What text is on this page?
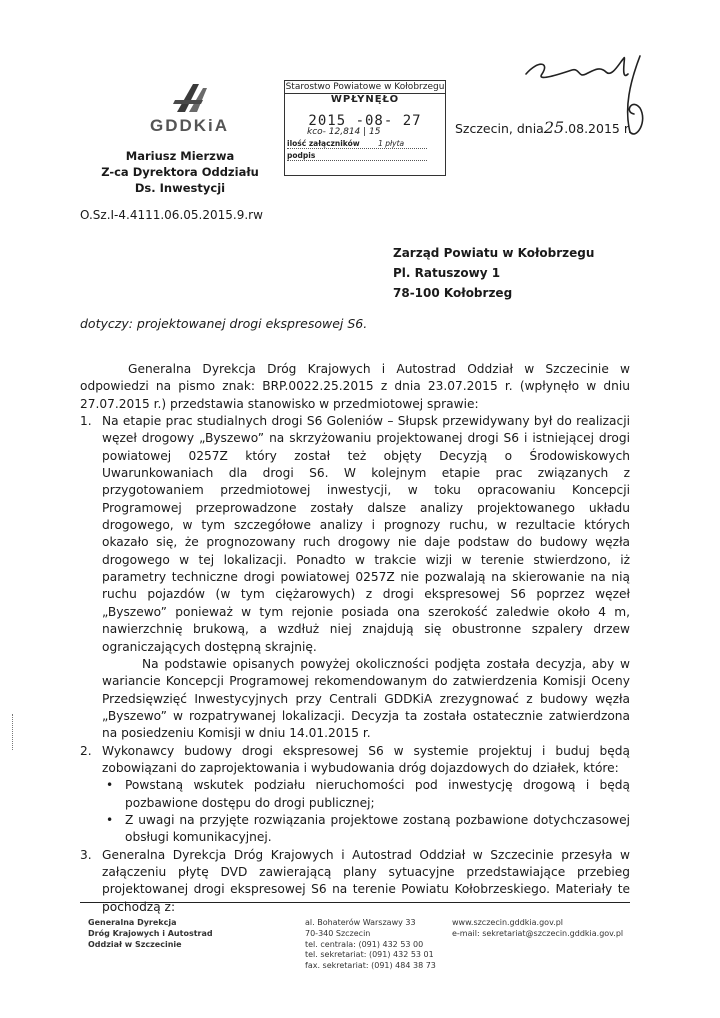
GDDKiA
Mariusz Mierzwa
Z-ca Dyrektora Oddziału
Ds. Inwestycji
Starostwo Powiatowe w Kołobrzegu
WPŁYNĘŁO
2015 -08- 27
kco- 12,814 | 15
ilość załączników 1 płyta
podpis
Szczecin, dnia25.08.2015 r.
O.Sz.I-4.4111.06.05.2015.9.rw
Zarząd Powiatu w Kołobrzegu
Pl. Ratuszowy 1
78-100 Kołobrzeg
dotyczy: projektowanej drogi ekspresowej S6.

Generalna Dyrekcja Dróg Krajowych i Autostrad Oddział w Szczecinie w odpowiedzi na pismo znak: BRP.0022.25.2015 z dnia 23.07.2015 r. (wpłynęło w dniu 27.07.2015 r.) przedstawia stanowisko w przedmiotowej sprawie:

1. Na etapie prac studialnych drogi S6 Goleniów – Słupsk przewidywany był do realizacji węzeł drogowy „Byszewo” na skrzyżowaniu projektowanej drogi S6 i istniejącej drogi powiatowej 0257Z który został też objęty Decyzją o Środowiskowych Uwarunkowaniach dla drogi S6. W kolejnym etapie prac związanych z przygotowaniem przedmiotowej inwestycji, w toku opracowaniu Koncepcji Programowej przeprowadzone zostały dalsze analizy projektowanego układu drogowego, w tym szczegółowe analizy i prognozy ruchu, w rezultacie których okazało się, że prognozowany ruch drogowy nie daje podstaw do budowy węzła drogowego w tej lokalizacji. Ponadto w trakcie wizji w terenie stwierdzono, iż parametry techniczne drogi powiatowej 0257Z nie pozwalają na skierowanie na nią ruchu pojazdów (w tym ciężarowych) z drogi ekspresowej S6 poprzez węzeł „Byszewo” ponieważ w tym rejonie posiada ona szerokość zaledwie około 4 m, nawierzchnię brukową, a wzdłuż niej znajdują się obustronne szpalery drzew ograniczających dostępną skrajnię.

Na podstawie opisanych powyżej okoliczności podjęta została decyzja, aby w wariancie Koncepcji Programowej rekomendowanym do zatwierdzenia Komisji Oceny Przedsięwzięć Inwestycyjnych przy Centrali GDDKiA zrezygnować z budowy węzła „Byszewo” w rozpatrywanej lokalizacji. Decyzja ta została ostatecznie zatwierdzona na posiedzeniu Komisji w dniu 14.01.2015 r.

2. Wykonawcy budowy drogi ekspresowej S6 w systemie projektuj i buduj będą zobowiązani do zaprojektowania i wybudowania dróg dojazdowych do działek, które:

• Powstaną wskutek podziału nieruchomości pod inwestycję drogową i będą pozbawione dostępu do drogi publicznej;
• Z uwagi na przyjęte rozwiązania projektowe zostaną pozbawione dotychczasowej obsługi komunikacyjnej.
3. Generalna Dyrekcja Dróg Krajowych i Autostrad Oddział w Szczecinie przesyła w załączeniu płytę DVD zawierającą plany sytuacyjne przedstawiające przebieg projektowanej drogi ekspresowej S6 na terenie Powiatu Kołobrzeskiego. Materiały te pochodzą z:

Generalna Dyrekcja
Dróg Krajowych i Autostrad
Oddział w Szczecinie
al. Bohaterów Warszawy 33
70-340 Szczecin
tel. centrala: (091) 432 53 00
tel. sekretariat: (091) 432 53 01
fax. sekretariat: (091) 484 38 73
www.szczecin.gddkia.gov.pl
e-mail: sekretariat@szczecin.gddkia.gov.pl
